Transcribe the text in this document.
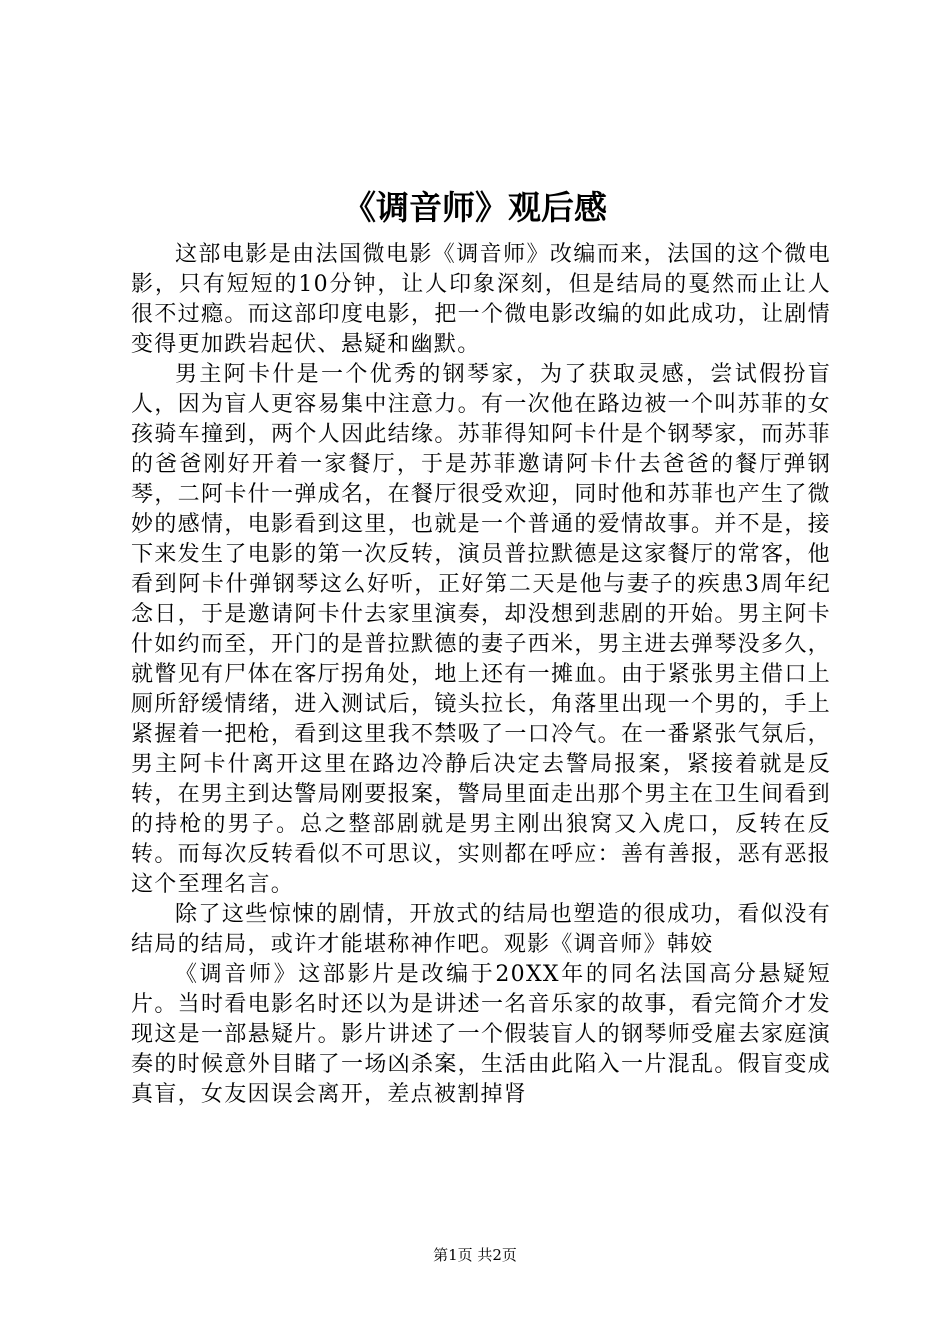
《调音师》观后感

这部电影是由法国微电影《调音师》改编而来，法国的这个微电影，只有短短的10分钟，让人印象深刻，但是结局的戛然而止让人很不过瘾。而这部印度电影，把一个微电影改编的如此成功，让剧情变得更加跌岩起伏、悬疑和幽默。

男主阿卡什是一个优秀的钢琴家，为了获取灵感，尝试假扮盲人，因为盲人更容易集中注意力。有一次他在路边被一个叫苏菲的女孩骑车撞到，两个人因此结缘。苏菲得知阿卡什是个钢琴家，而苏菲的爸爸刚好开着一家餐厅，于是苏菲邀请阿卡什去爸爸的餐厅弹钢琴，二阿卡什一弹成名，在餐厅很受欢迎，同时他和苏菲也产生了微妙的感情，电影看到这里，也就是一个普通的爱情故事。并不是，接下来发生了电影的第一次反转，演员普拉默德是这家餐厅的常客，他看到阿卡什弹钢琴这么好听，正好第二天是他与妻子的疾患3周年纪念日，于是邀请阿卡什去家里演奏，却没想到悲剧的开始。男主阿卡什如约而至，开门的是普拉默德的妻子西米，男主进去弹琴没多久，就瞥见有尸体在客厅拐角处，地上还有一摊血。由于紧张男主借口上厕所舒缓情绪，进入测试后，镜头拉长，角落里出现一个男的，手上紧握着一把枪，看到这里我不禁吸了一口冷气。在一番紧张气氛后，男主阿卡什离开这里在路边冷静后决定去警局报案，紧接着就是反转，在男主到达警局刚要报案，警局里面走出那个男主在卫生间看到的持枪的男子。总之整部剧就是男主刚出狼窝又入虎口，反转在反转。而每次反转看似不可思议，实则都在呼应：善有善报，恶有恶报这个至理名言。

除了这些惊悚的剧情，开放式的结局也塑造的很成功，看似没有结局的结局，或许才能堪称神作吧。观影《调音师》韩姣

《调音师》这部影片是改编于20XX年的同名法国高分悬疑短片。当时看电影名时还以为是讲述一名音乐家的故事，看完简介才发现这是一部悬疑片。影片讲述了一个假装盲人的钢琴师受雇去家庭演奏的时候意外目睹了一场凶杀案，生活由此陷入一片混乱。假盲变成真盲，女友因误会离开，差点被割掉肾

第1页 共2页
